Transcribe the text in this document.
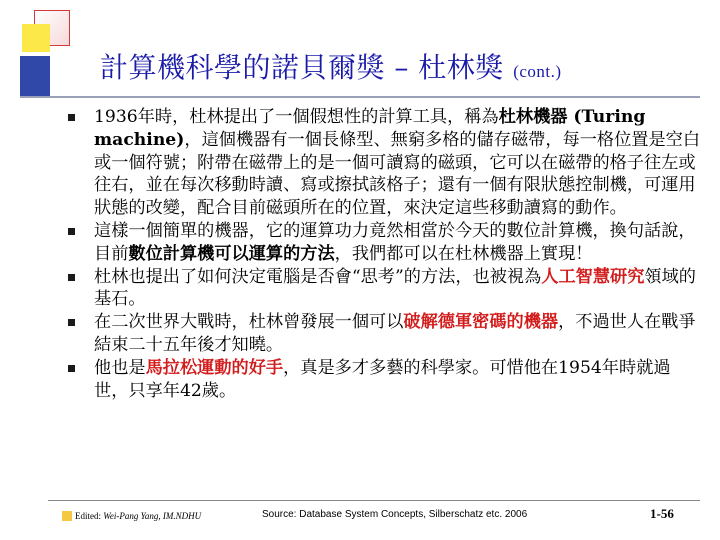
計算機科學的諾貝爾獎 – 杜林獎 (cont.)
1936年時，杜林提出了一個假想性的計算工具，稱為杜林機器 (Turing machine)，這個機器有一個長條型、無窮多格的儲存磁帶，每一格位置是空白或一個符號；附帶在磁帶上的是一個可讀寫的磁頭，它可以在磁帶的格子往左或往右，並在每次移動時讀、寫或擦拭該格子；還有一個有限狀態控制機，可運用狀態的改變，配合目前磁頭所在的位置，來決定這些移動讀寫的動作。
這樣一個簡單的機器，它的運算功力竟然相當於今天的數位計算機，換句話說，目前數位計算機可以運算的方法，我們都可以在杜林機器上實現！
杜林也提出了如何決定電腦是否會“思考”的方法，也被視為人工智慧研究領域的基石。
在二次世界大戰時，杜林曾發展一個可以破解德軍密碼的機器，不過世人在戰爭結束二十五年後才知曉。
他也是馬拉松運動的好手，真是多才多藝的科學家。可惜他在1954年時就過世，只享年42歲。
Edited: Wei-Pang Yang, IM.NDHU	Source: Database System Concepts, Silberschatz etc. 2006	1-56
